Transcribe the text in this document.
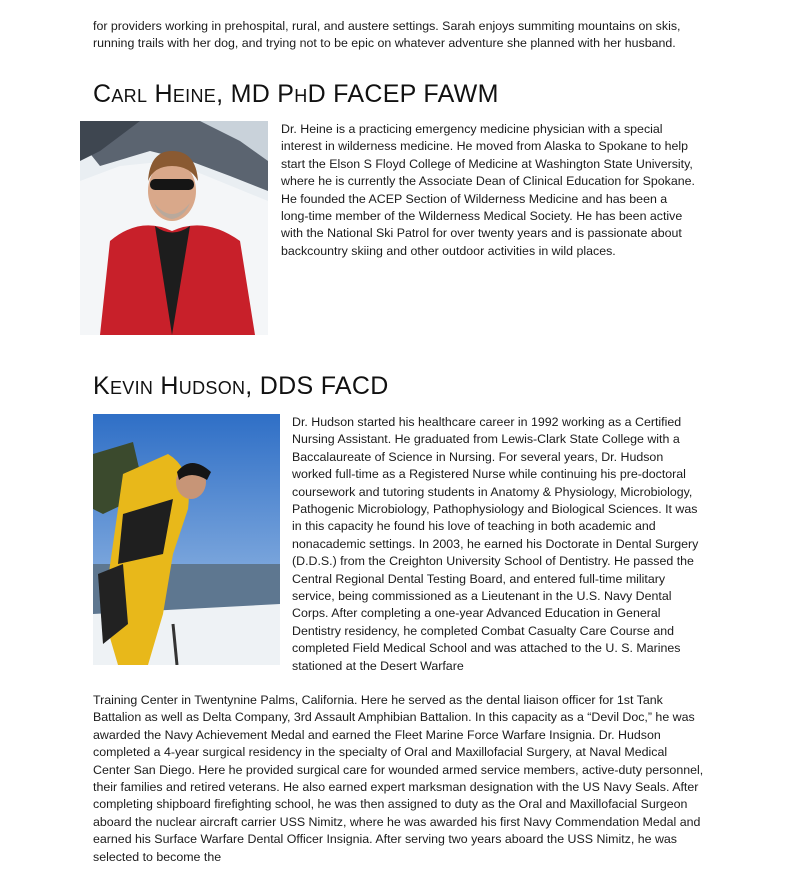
for providers working in prehospital, rural, and austere settings. Sarah enjoys summiting mountains on skis, running trails with her dog, and trying not to be epic on whatever adventure she planned with her husband.

Carl Heine, MD PhD FACEP FAWM

Dr. Heine is a practicing emergency medicine physician with a special interest in wilderness medicine. He moved from Alaska to Spokane to help start the Elson S Floyd College of Medicine at Washington State University, where he is currently the Associate Dean of Clinical Education for Spokane. He founded the ACEP Section of Wilderness Medicine and has been a long-time member of the Wilderness Medical Society. He has been active with the National Ski Patrol for over twenty years and is passionate about backcountry skiing and other outdoor activities in wild places.

Kevin Hudson, DDS FACD

Dr. Hudson started his healthcare career in 1992 working as a Certified Nursing Assistant. He graduated from Lewis-Clark State College with a Baccalaureate of Science in Nursing. For several years, Dr. Hudson worked full-time as a Registered Nurse while continuing his pre-doctoral coursework and tutoring students in Anatomy & Physiology, Microbiology, Pathogenic Microbiology, Pathophysiology and Biological Sciences. It was in this capacity he found his love of teaching in both academic and nonacademic settings. In 2003, he earned his Doctorate in Dental Surgery (D.D.S.) from the Creighton University School of Dentistry. He passed the Central Regional Dental Testing Board, and entered full-time military service, being commissioned as a Lieutenant in the U.S. Navy Dental Corps. After completing a one-year Advanced Education in General Dentistry residency, he completed Combat Casualty Care Course and completed Field Medical School and was attached to the U. S. Marines stationed at the Desert Warfare

Training Center in Twentynine Palms, California. Here he served as the dental liaison officer for 1st Tank Battalion as well as Delta Company, 3rd Assault Amphibian Battalion. In this capacity as a “Devil Doc,” he was awarded the Navy Achievement Medal and earned the Fleet Marine Force Warfare Insignia. Dr. Hudson completed a 4-year surgical residency in the specialty of Oral and Maxillofacial Surgery, at Naval Medical Center San Diego. Here he provided surgical care for wounded armed service members, active-duty personnel, their families and retired veterans. He also earned expert marksman designation with the US Navy Seals. After completing shipboard firefighting school, he was then assigned to duty as the Oral and Maxillofacial Surgeon aboard the nuclear aircraft carrier USS Nimitz, where he was awarded his first Navy Commendation Medal and earned his Surface Warfare Dental Officer Insignia. After serving two years aboard the USS Nimitz, he was selected to become the
